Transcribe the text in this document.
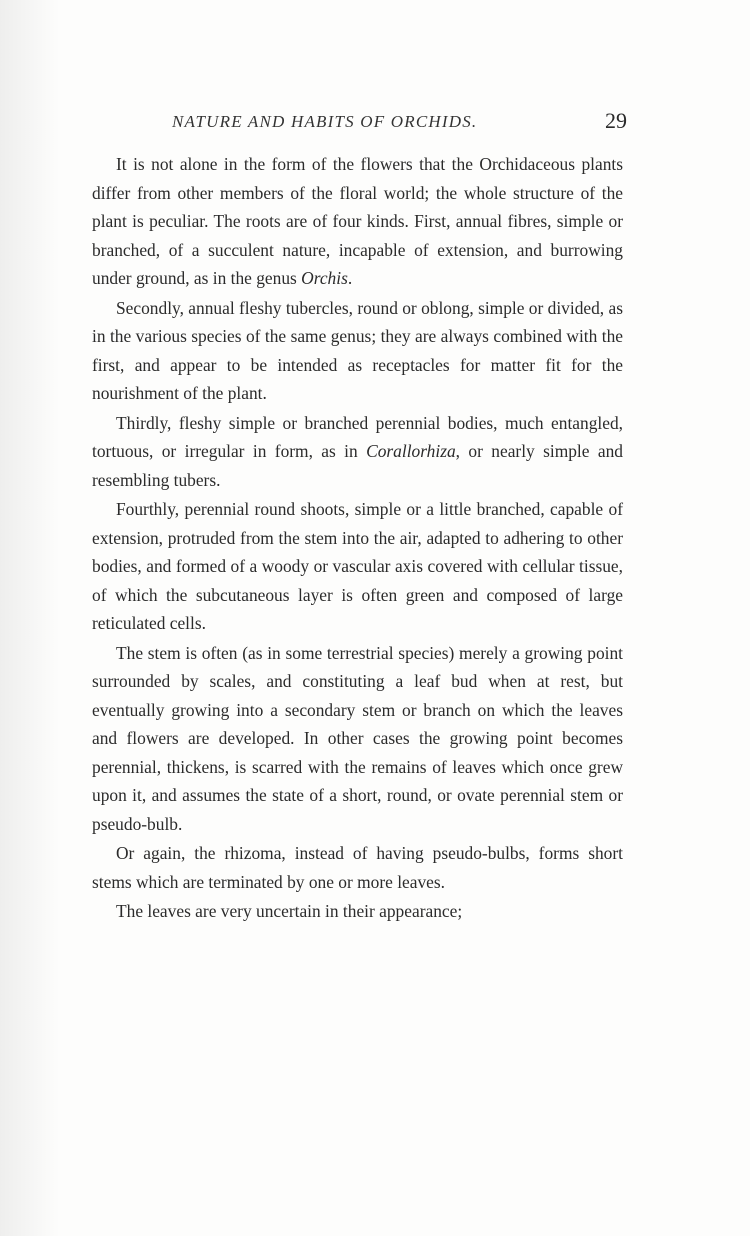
NATURE AND HABITS OF ORCHIDS.	29

It is not alone in the form of the flowers that the Orchidaceous plants differ from other members of the floral world; the whole structure of the plant is peculiar. The roots are of four kinds. First, annual fibres, simple or branched, of a succulent nature, incapable of extension, and burrowing under ground, as in the genus Orchis.

Secondly, annual fleshy tubercles, round or oblong, simple or divided, as in the various species of the same genus; they are always combined with the first, and appear to be intended as receptacles for matter fit for the nourishment of the plant.

Thirdly, fleshy simple or branched perennial bodies, much entangled, tortuous, or irregular in form, as in Corallorhiza, or nearly simple and resembling tubers.

Fourthly, perennial round shoots, simple or a little branched, capable of extension, protruded from the stem into the air, adapted to adhering to other bodies, and formed of a woody or vascular axis covered with cellular tissue, of which the subcutaneous layer is often green and composed of large reticulated cells.

The stem is often (as in some terrestrial species) merely a growing point surrounded by scales, and constituting a leaf bud when at rest, but eventually growing into a secondary stem or branch on which the leaves and flowers are developed. In other cases the growing point becomes perennial, thickens, is scarred with the remains of leaves which once grew upon it, and assumes the state of a short, round, or ovate perennial stem or pseudo-bulb.

Or again, the rhizoma, instead of having pseudo-bulbs, forms short stems which are terminated by one or more leaves.

The leaves are very uncertain in their appearance;
